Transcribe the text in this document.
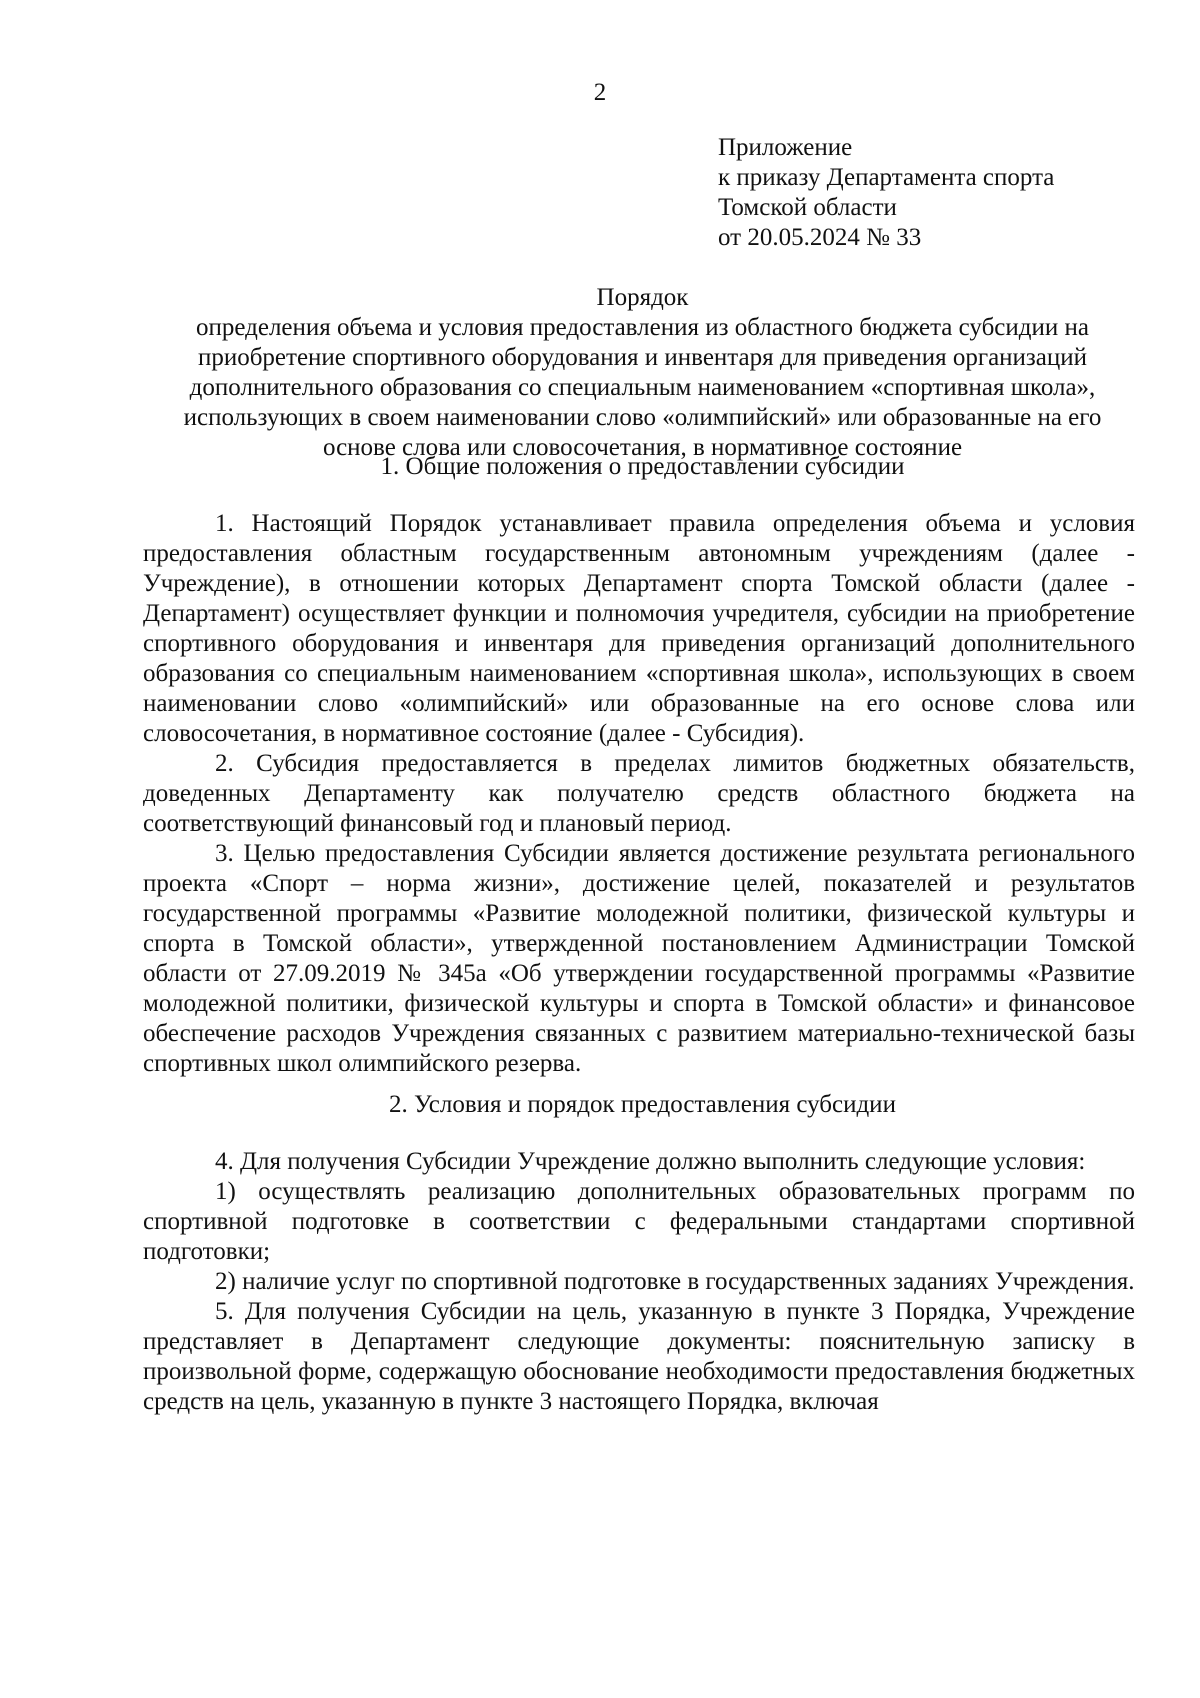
2
Приложение
к приказу Департамента спорта
Томской области
от 20.05.2024 № 33
Порядок
определения объема и условия предоставления из областного бюджета субсидии на приобретение спортивного оборудования и инвентаря для приведения организаций дополнительного образования со специальным наименованием «спортивная школа», использующих в своем наименовании слово «олимпийский» или образованные на его основе слова или словосочетания, в нормативное состояние
1. Общие положения о предоставлении субсидии

1. Настоящий Порядок устанавливает правила определения объема и условия предоставления областным государственным автономным учреждениям (далее - Учреждение), в отношении которых Департамент спорта Томской области (далее - Департамент) осуществляет функции и полномочия учредителя, субсидии на приобретение спортивного оборудования и инвентаря для приведения организаций дополнительного образования со специальным наименованием «спортивная школа», использующих в своем наименовании слово «олимпийский» или образованные на его основе слова или словосочетания, в нормативное состояние (далее - Субсидия).

2. Субсидия предоставляется в пределах лимитов бюджетных обязательств, доведенных Департаменту как получателю средств областного бюджета на соответствующий финансовый год и плановый период.

3. Целью предоставления Субсидии является достижение результата регионального проекта «Спорт – норма жизни», достижение целей, показателей и результатов государственной программы «Развитие молодежной политики, физической культуры и спорта в Томской области», утвержденной постановлением Администрации Томской области от 27.09.2019 № 345а «Об утверждении государственной программы «Развитие молодежной политики, физической культуры и спорта в Томской области» и финансовое обеспечение расходов Учреждения связанных с развитием материально-технической базы спортивных школ олимпийского резерва.

2. Условия и порядок предоставления субсидии

4. Для получения Субсидии Учреждение должно выполнить следующие условия:

1) осуществлять реализацию дополнительных образовательных программ по спортивной подготовке в соответствии с федеральными стандартами спортивной подготовки;

2) наличие услуг по спортивной подготовке в государственных заданиях Учреждения.

5. Для получения Субсидии на цель, указанную в пункте 3 Порядка, Учреждение представляет в Департамент следующие документы: пояснительную записку в произвольной форме, содержащую обоснование необходимости предоставления бюджетных средств на цель, указанную в пункте 3 настоящего Порядка, включая
